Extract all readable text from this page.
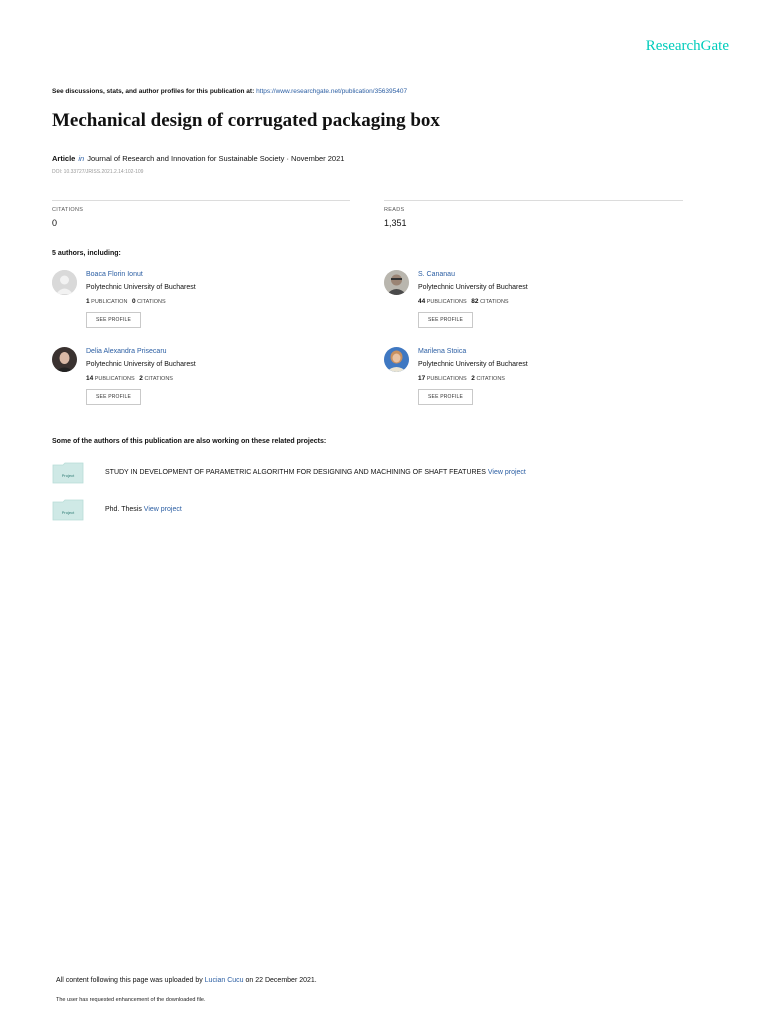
ResearchGate
See discussions, stats, and author profiles for this publication at: https://www.researchgate.net/publication/356395407
Mechanical design of corrugated packaging box
Article in Journal of Research and Innovation for Sustainable Society · November 2021
DOI: 10.33727/JRISS.2021.2.14:102-109
CITATIONS
0
READS
1,351
5 authors, including:
Boaca Florin Ionut
Polytechnic University of Bucharest
1 PUBLICATION 0 CITATIONS
SEE PROFILE
S. Cananau
Polytechnic University of Bucharest
44 PUBLICATIONS 82 CITATIONS
SEE PROFILE
Delia Alexandra Prisecaru
Polytechnic University of Bucharest
14 PUBLICATIONS 2 CITATIONS
SEE PROFILE
Marilena Stoica
Polytechnic University of Bucharest
17 PUBLICATIONS 2 CITATIONS
SEE PROFILE
Some of the authors of this publication are also working on these related projects:
Project	STUDY IN DEVELOPMENT OF PARAMETRIC ALGORITHM FOR DESIGNING AND MACHINING OF SHAFT FEATURES View project
Project	Phd. Thesis View project
All content following this page was uploaded by Lucian Cucu on 22 December 2021.
The user has requested enhancement of the downloaded file.
